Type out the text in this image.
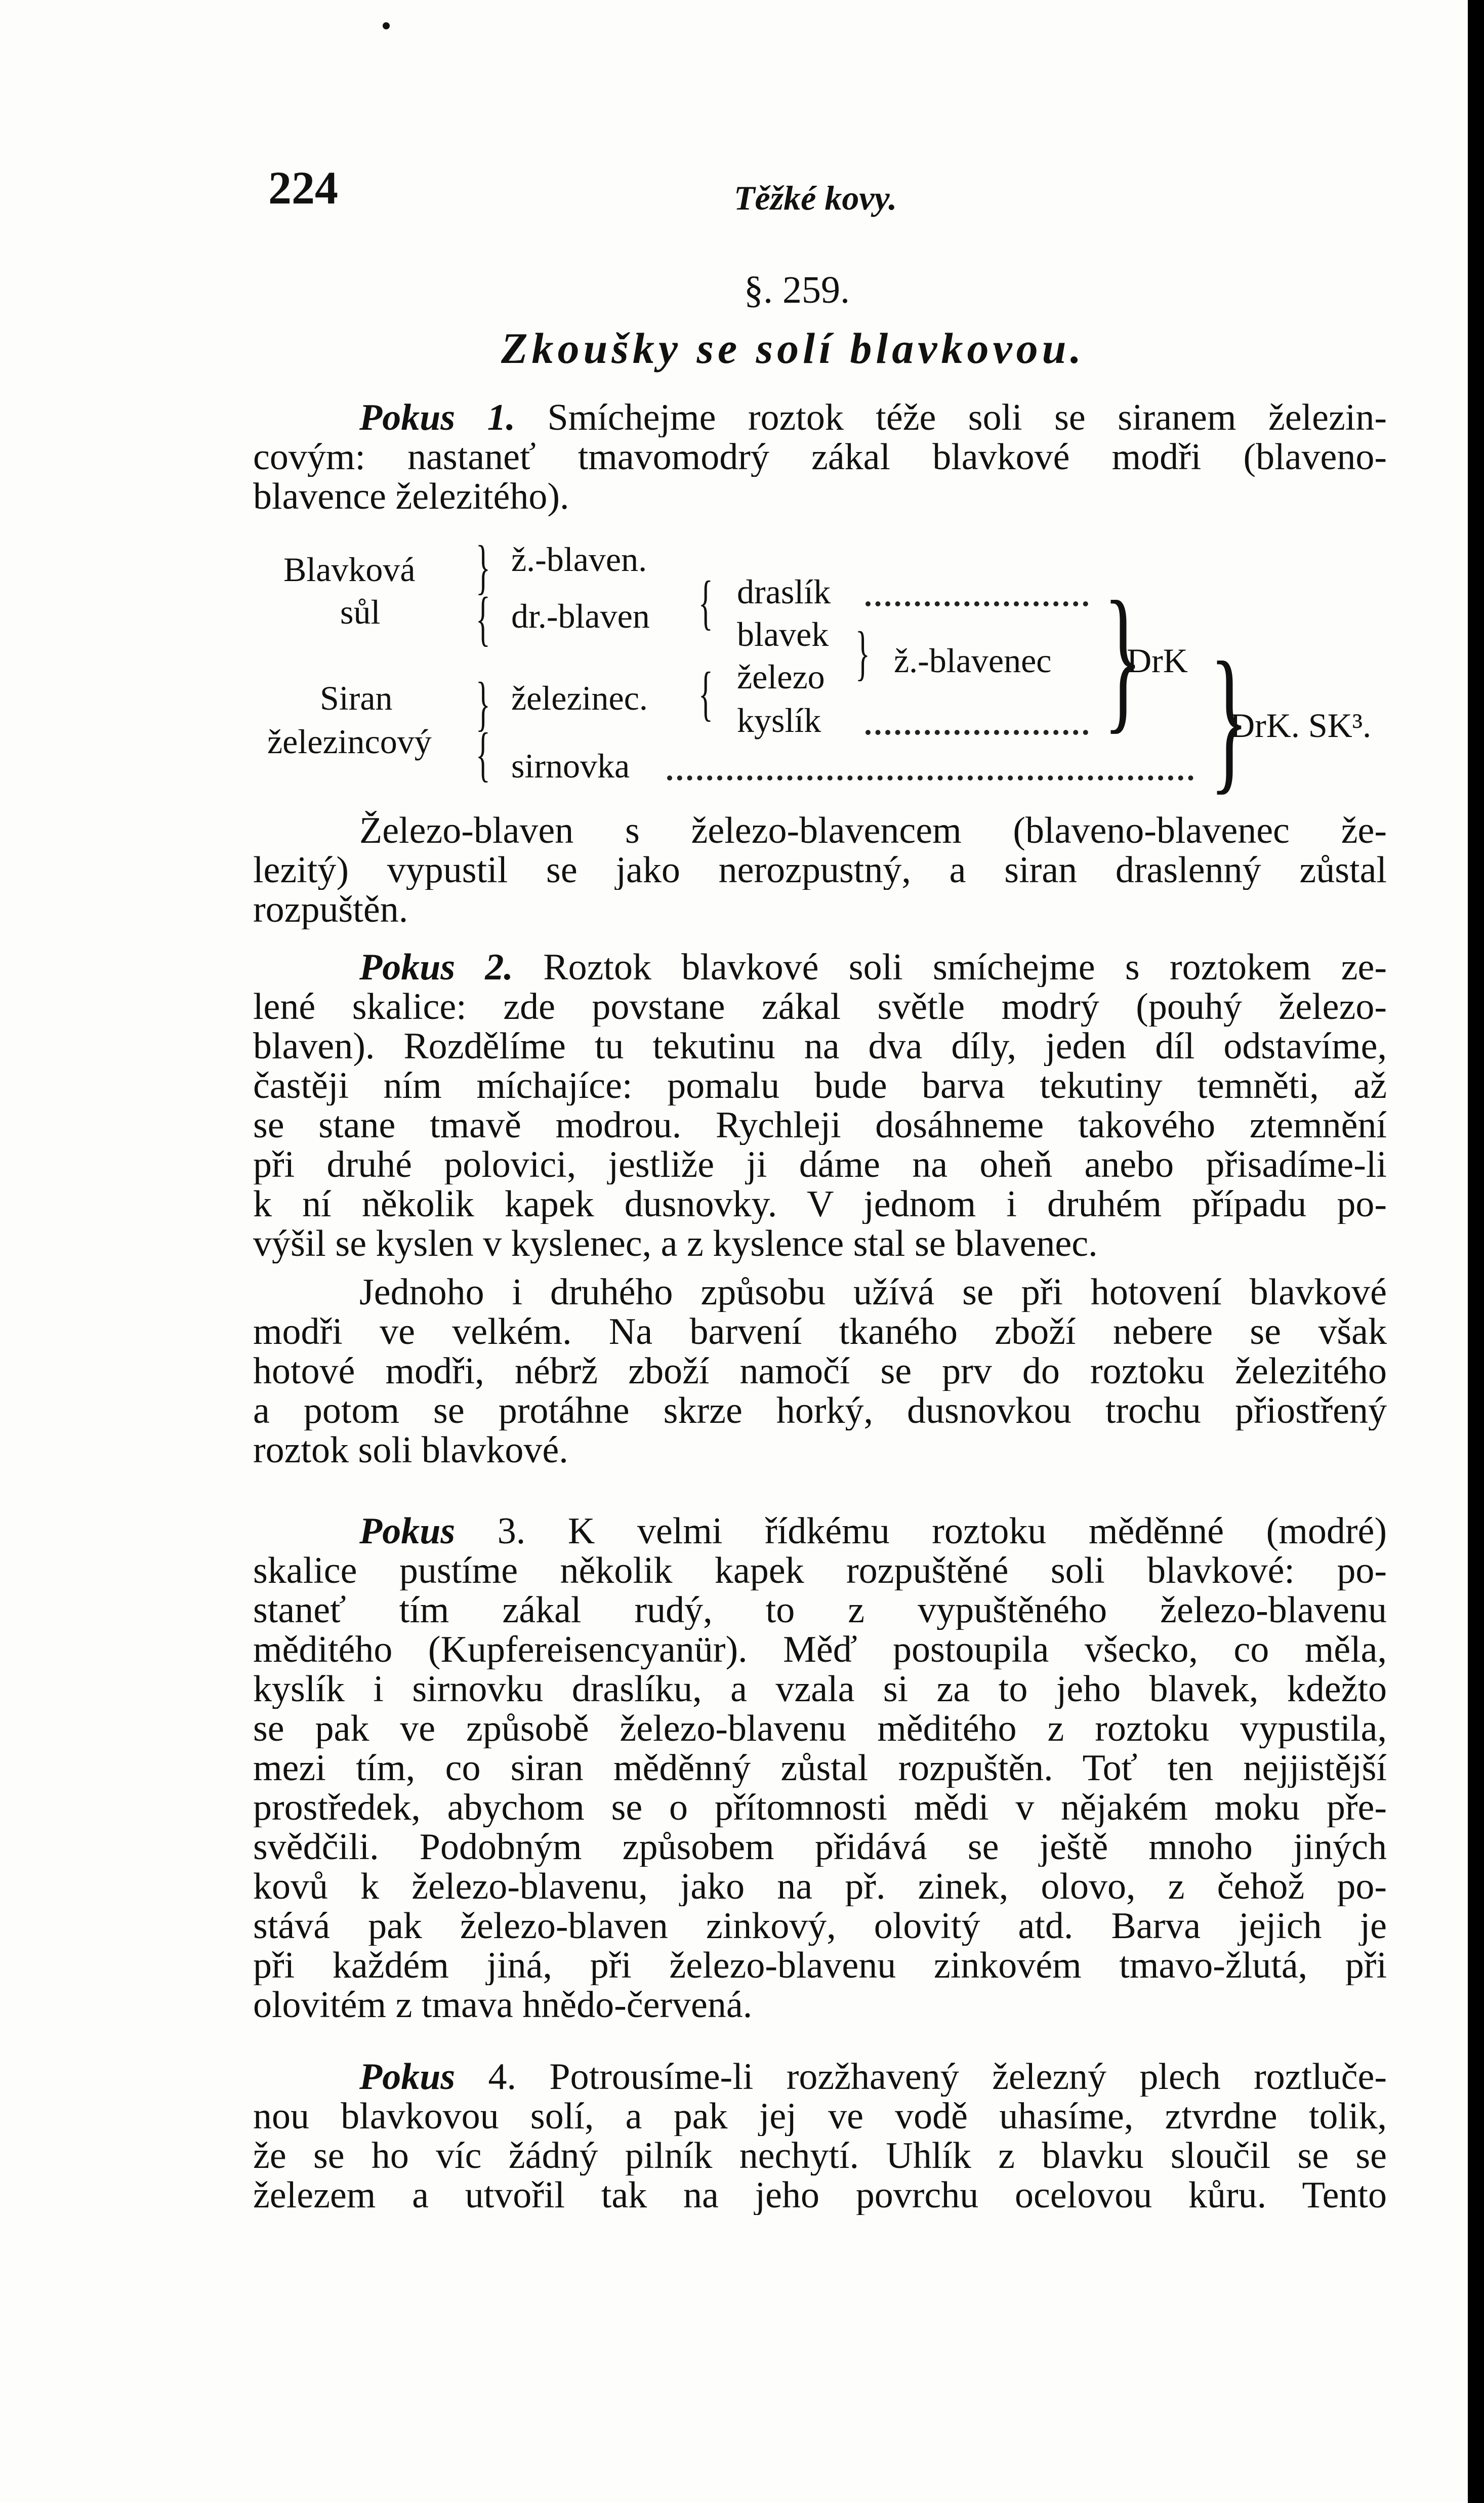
224	Těžké kovy.
§. 259.
Zkoušky se solí blavkovou.
Pokus 1. Smíchejme roztok téže soli se siranem železin-
covým: nastaneť tmavomodrý zákal blavkové modři (blaveno-
blavence železitého).
Blavková
sůl
Siran
železincový
}
{
}
{
ž.-blaven.
dr.-blaven
železinec.
sirnovka
{
{
draslík
blavek
železo
kyslík
} ž.-blavenec }
DrK }
DrK. SK³.
Železo-blaven s železo-blavencem (blaveno-blavenec že-
lezitý) vypustil se jako nerozpustný, a siran draslenný zůstal
rozpuštěn.
Pokus 2. Roztok blavkové soli smíchejme s roztokem ze-
lené skalice: zde povstane zákal světle modrý (pouhý železo-
blaven). Rozdělíme tu tekutinu na dva díly, jeden díl odstavíme,
častěji ním míchajíce: pomalu bude barva tekutiny temněti, až
se stane tmavě modrou. Rychleji dosáhneme takového ztemnění
při druhé polovici, jestliže ji dáme na oheň anebo přisadíme-li
k ní několik kapek dusnovky. V jednom i druhém případu po-
výšil se kyslen v kyslenec, a z kyslence stal se blavenec.
Jednoho i druhého způsobu užívá se při hotovení blavkové
modři ve velkém. Na barvení tkaného zboží nebere se však
hotové modři, nébrž zboží namočí se prv do roztoku železitého
a potom se protáhne skrze horký, dusnovkou trochu přiostřený
roztok soli blavkové.
Pokus 3. K velmi řídkému roztoku měděnné (modré)
skalice pustíme několik kapek rozpuštěné soli blavkové: po-
staneť tím zákal rudý, to z vypuštěného železo-blavenu
měditého (Kupfereisencyanür). Měď postoupila všecko, co měla,
kyslík i sirnovku draslíku, a vzala si za to jeho blavek, kdežto
se pak ve způsobě železo-blavenu měditého z roztoku vypustila,
mezi tím, co siran měděnný zůstal rozpuštěn. Toť ten nejjistější
prostředek, abychom se o přítomnosti mědi v nějakém moku pře-
svědčili. Podobným způsobem přidává se ještě mnoho jiných
kovů k železo-blavenu, jako na př. zinek, olovo, z čehož po-
stává pak železo-blaven zinkový, olovitý atd. Barva jejich je
při každém jiná, při železo-blavenu zinkovém tmavo-žlutá, při
olovitém z tmava hnědo-červená.
Pokus 4. Potrousíme-li rozžhavený železný plech roztluče-
nou blavkovou solí, a pak jej ve vodě uhasíme, ztvrdne tolik,
že se ho víc žádný pilník nechytí. Uhlík z blavku sloučil se se
železem a utvořil tak na jeho povrchu ocelovou kůru. Tento
